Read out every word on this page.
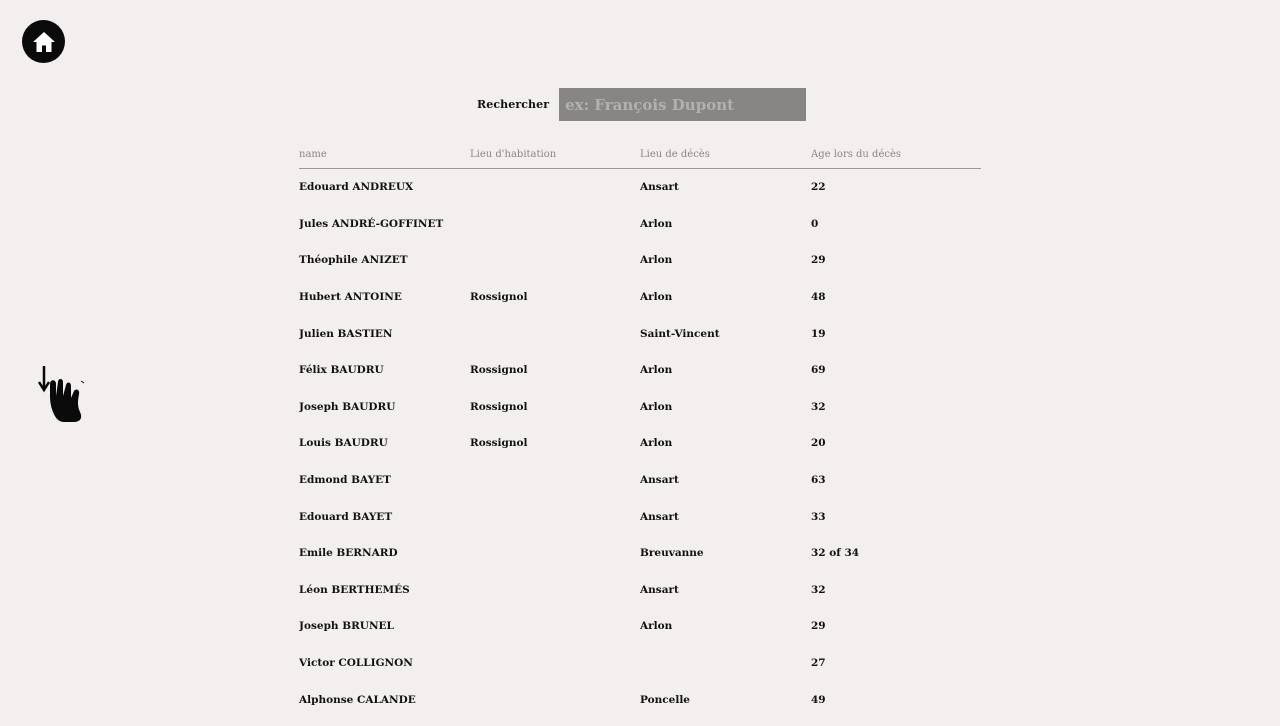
Rechercher
ex: François Dupont
name	Lieu d'habitation	Lieu de décès	Age lors du décès
Edouard ANDREUX		Ansart	22
Jules ANDRÉ-GOFFINET		Arlon	0
Théophile ANIZET		Arlon	29
Hubert ANTOINE	Rossignol	Arlon	48
Julien BASTIEN		Saint-Vincent	19
Félix BAUDRU	Rossignol	Arlon	69
Joseph BAUDRU	Rossignol	Arlon	32
Louis BAUDRU	Rossignol	Arlon	20
Edmond BAYET		Ansart	63
Edouard BAYET		Ansart	33
Emile BERNARD		Breuvanne	32 of 34
Léon BERTHEMÉS		Ansart	32
Joseph BRUNEL		Arlon	29
Victor COLLIGNON			27
Alphonse CALANDE		Poncelle	49
